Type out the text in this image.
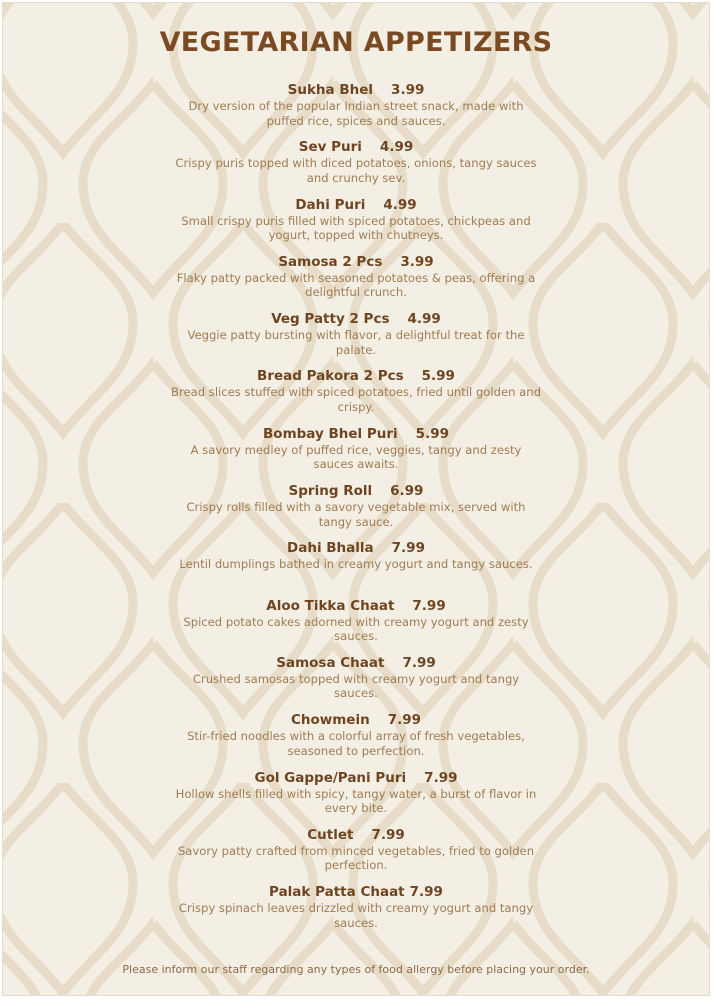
VEGETARIAN APPETIZERS
Sukha Bhel 3.99
Dry version of the popular Indian street snack, made with puffed rice, spices and sauces.
Sev Puri 4.99
Crispy puris topped with diced potatoes, onions, tangy sauces and crunchy sev.
Dahi Puri 4.99
Small crispy puris filled with spiced potatoes, chickpeas and yogurt, topped with chutneys.
Samosa 2 Pcs 3.99
Flaky patty packed with seasoned potatoes & peas, offering a delightful crunch.
Veg Patty 2 Pcs 4.99
Veggie patty bursting with flavor, a delightful treat for the palate.
Bread Pakora 2 Pcs 5.99
Bread slices stuffed with spiced potatoes, fried until golden and crispy.
Bombay Bhel Puri 5.99
A savory medley of puffed rice, veggies, tangy and zesty sauces awaits.
Spring Roll 6.99
Crispy rolls filled with a savory vegetable mix, served with tangy sauce.
Dahi Bhalla 7.99
Lentil dumplings bathed in creamy yogurt and tangy sauces.
Aloo Tikka Chaat 7.99
Spiced potato cakes adorned with creamy yogurt and zesty sauces.
Samosa Chaat 7.99
Crushed samosas topped with creamy yogurt and tangy sauces.
Chowmein 7.99
Stir-fried noodles with a colorful array of fresh vegetables, seasoned to perfection.
Gol Gappe/Pani Puri 7.99
Hollow shells filled with spicy, tangy water, a burst of flavor in every bite.
Cutlet 7.99
Savory patty crafted from minced vegetables, fried to golden perfection.
Palak Patta Chaat 7.99
Crispy spinach leaves drizzled with creamy yogurt and tangy sauces.
Please inform our staff regarding any types of food allergy before placing your order.
